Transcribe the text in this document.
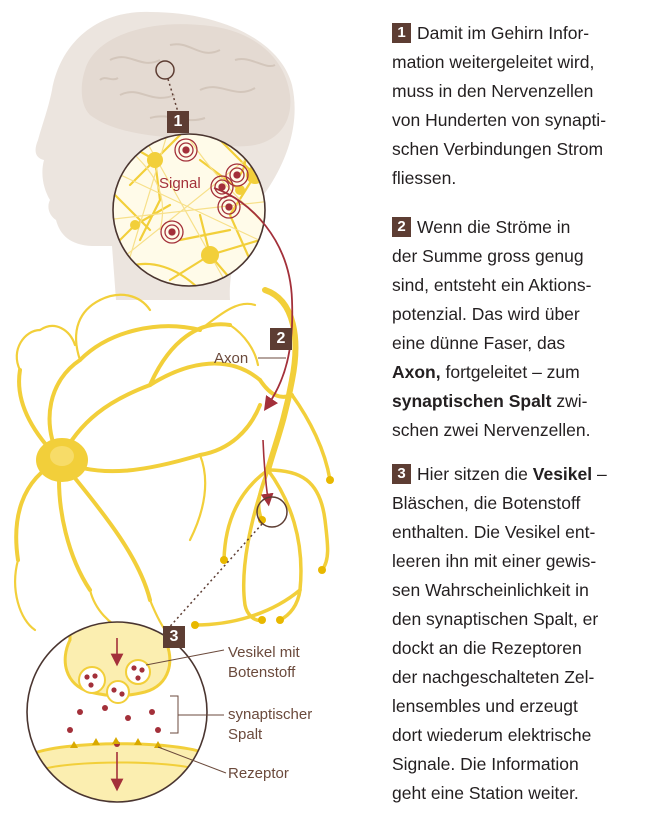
1
2
3
Signal
Axon
Vesikel mit
Botenstoff
synaptischer
Spalt
Rezeptor
1 Damit im Gehirn Infor-
mation weitergeleitet wird,
muss in den Nervenzellen
von Hunderten von synapti-
schen Verbindungen Strom
fliessen.
2 Wenn die Ströme in
der Summe gross genug
sind, entsteht ein Aktions-
potenzial. Das wird über
eine dünne Faser, das
Axon, fortgeleitet – zum
synaptischen Spalt zwi-
schen zwei Nervenzellen.
3 Hier sitzen die Vesikel –
Bläschen, die Botenstoff
enthalten. Die Vesikel ent-
leeren ihn mit einer gewis-
sen Wahrscheinlichkeit in
den synaptischen Spalt, er
dockt an die Rezeptoren
der nachgeschalteten Zel-
lensembles und erzeugt
dort wiederum elektrische
Signale. Die Information
geht eine Station weiter.
